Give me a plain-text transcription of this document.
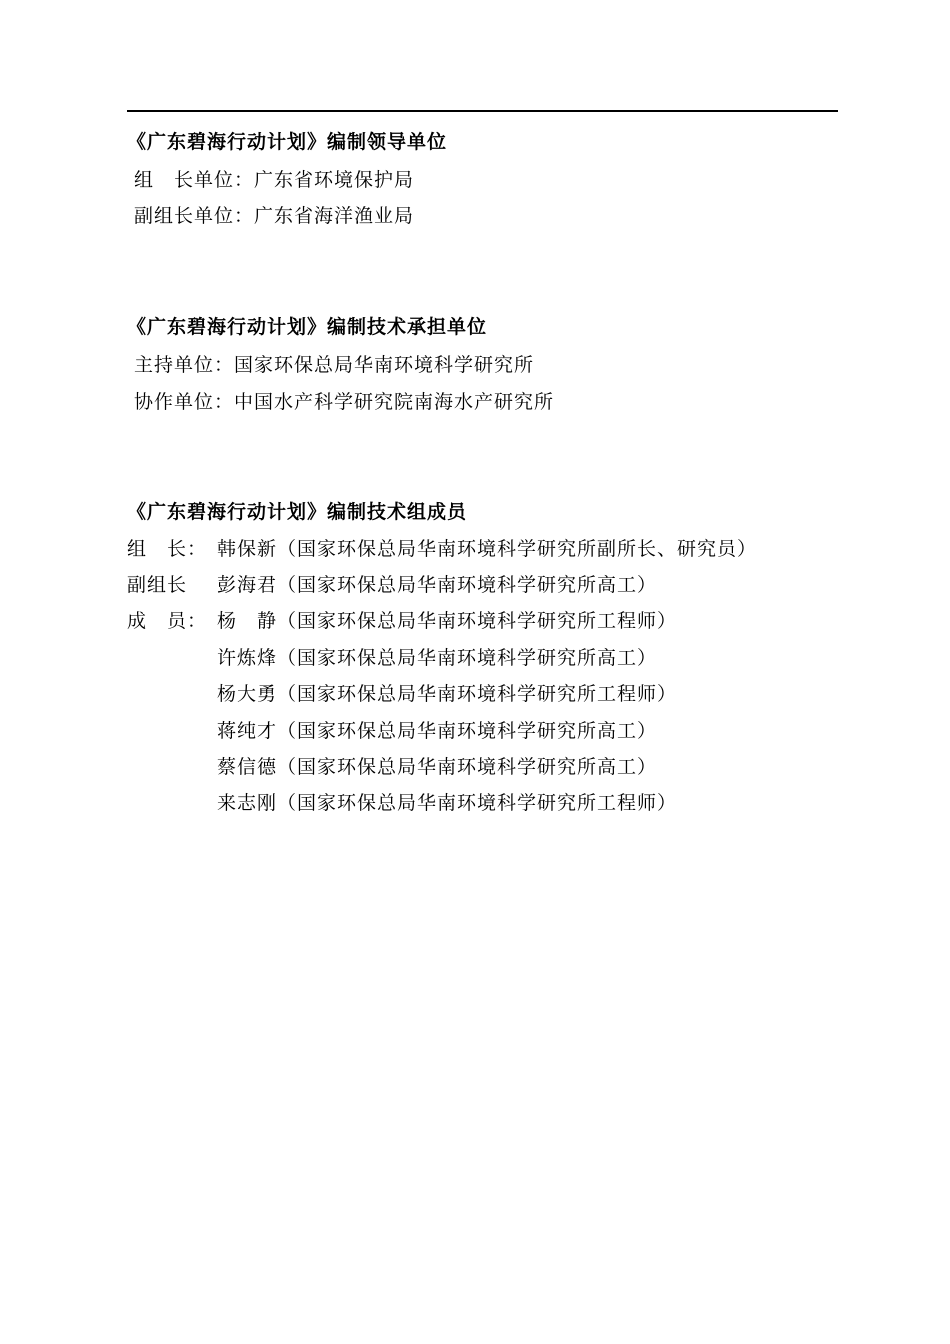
《广东碧海行动计划》编制领导单位
组　长单位：广东省环境保护局
副组长单位：广东省海洋渔业局
《广东碧海行动计划》编制技术承担单位
主持单位：国家环保总局华南环境科学研究所
协作单位：中国水产科学研究院南海水产研究所
《广东碧海行动计划》编制技术组成员
组　长： 韩保新（国家环保总局华南环境科学研究所副所长、研究员）
副组长　 彭海君（国家环保总局华南环境科学研究所高工）
成　员： 杨　静（国家环保总局华南环境科学研究所工程师）
许炼烽（国家环保总局华南环境科学研究所高工）
杨大勇（国家环保总局华南环境科学研究所工程师）
蒋纯才（国家环保总局华南环境科学研究所高工）
蔡信德（国家环保总局华南环境科学研究所高工）
来志刚（国家环保总局华南环境科学研究所工程师）
